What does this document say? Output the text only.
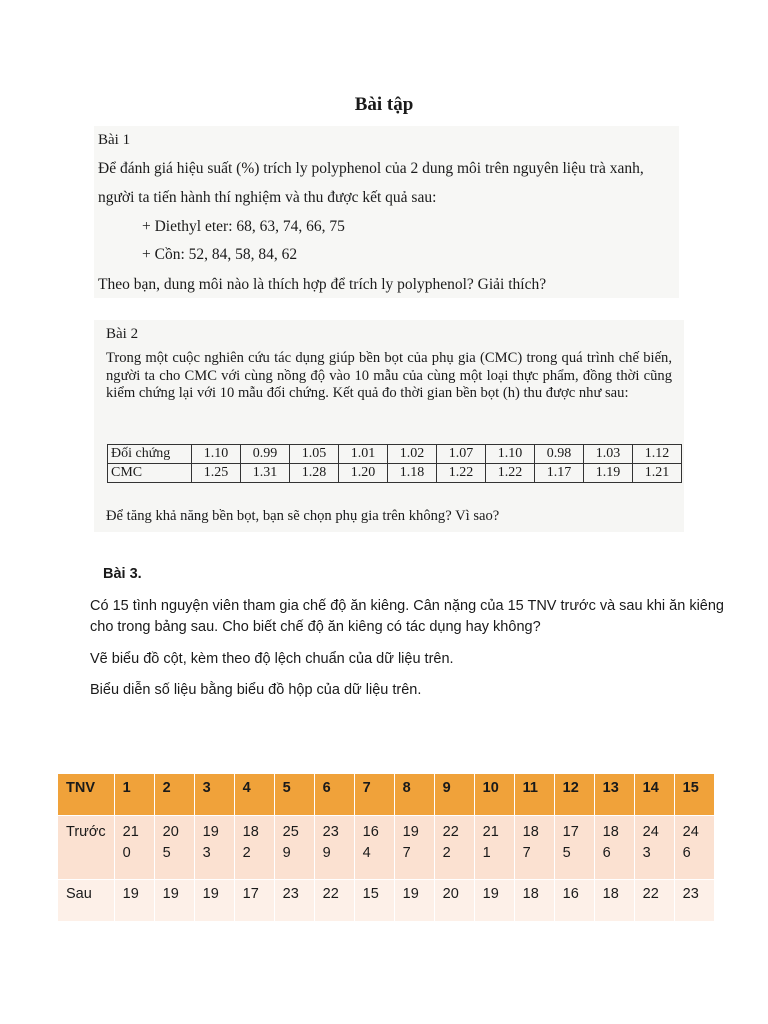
Bài tập
Bài 1
Để đánh giá hiệu suất (%) trích ly polyphenol của 2 dung môi trên nguyên liệu trà xanh,
người ta tiến hành thí nghiệm và thu được kết quả sau:
+ Diethyl eter: 68, 63, 74, 66, 75
+ Cồn: 52, 84, 58, 84, 62
Theo bạn, dung môi nào là thích hợp để trích ly polyphenol? Giải thích?
Bài 2
Trong một cuộc nghiên cứu tác dụng giúp bền bọt của phụ gia (CMC) trong quá trình chế biến, người ta cho CMC với cùng nồng độ vào 10 mẫu của cùng một loại thực phẩm, đồng thời cũng kiểm chứng lại với 10 mẫu đối chứng. Kết quả đo thời gian bền bọt (h) thu được như sau:
Đối chứng	1.10	0.99	1.05	1.01	1.02	1.07	1.10	0.98	1.03	1.12
CMC	1.25	1.31	1.28	1.20	1.18	1.22	1.22	1.17	1.19	1.21
Để tăng khả năng bền bọt, bạn sẽ chọn phụ gia trên không? Vì sao?
Bài 3.
Có 15 tình nguyện viên tham gia chế độ ăn kiêng. Cân nặng của 15 TNV trước và sau khi ăn kiêng cho trong bảng sau. Cho biết chế độ ăn kiêng có tác dụng hay không?
Vẽ biểu đồ cột, kèm theo độ lệch chuẩn của dữ liệu trên.
Biểu diễn số liệu bằng biểu đồ hộp của dữ liệu trên.
TNV	1	2	3	4	5	6	7	8	9	10	11	12	13	14	15
Trước	210	205	193	182	259	239	164	197	222	211	187	175	186	243	246
Sau	19	19	19	17	23	22	15	19	20	19	18	16	18	22	23
